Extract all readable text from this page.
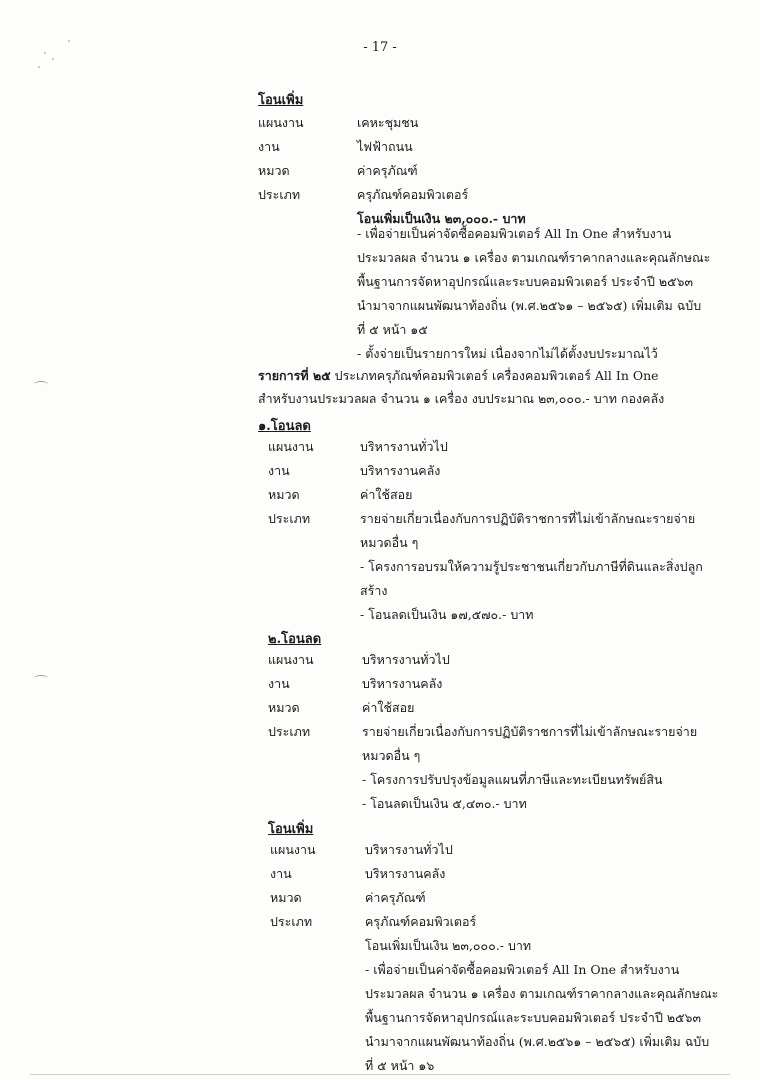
- 17 -
โอนเพิ่ม
แผนงาน	เคหะชุมชน
งาน	ไฟฟ้าถนน
หมวด	ค่าครุภัณฑ์
ประเภท	ครุภัณฑ์คอมพิวเตอร์
โอนเพิ่มเป็นเงิน ๒๓,๐๐๐.- บาท
- เพื่อจ่ายเป็นค่าจัดซื้อคอมพิวเตอร์ All In One สำหรับงาน
ประมวลผล จำนวน ๑ เครื่อง ตามเกณฑ์ราคากลางและคุณลักษณะ
พื้นฐานการจัดหาอุปกรณ์และระบบคอมพิวเตอร์ ประจำปี ๒๕๖๓
นำมาจากแผนพัฒนาท้องถิ่น (พ.ศ.๒๕๖๑ – ๒๕๖๕) เพิ่มเติม ฉบับ
ที่ ๕ หน้า ๑๕
- ตั้งจ่ายเป็นรายการใหม่ เนื่องจากไม่ได้ตั้งงบประมาณไว้
รายการที่ ๒๕ ประเภทครุภัณฑ์คอมพิวเตอร์ เครื่องคอมพิวเตอร์ All In One
สำหรับงานประมวลผล จำนวน ๑ เครื่อง งบประมาณ ๒๓,๐๐๐.- บาท กองคลัง
๑.โอนลด
แผนงาน	บริหารงานทั่วไป
งาน	บริหารงานคลัง
หมวด	ค่าใช้สอย
ประเภท	รายจ่ายเกี่ยวเนื่องกับการปฏิบัติราชการที่ไม่เข้าลักษณะรายจ่าย
หมวดอื่น ๆ
- โครงการอบรมให้ความรู้ประชาชนเกี่ยวกับภาษีที่ดินและสิ่งปลูก
สร้าง
- โอนลดเป็นเงิน ๑๗,๕๗๐.- บาท
๒.โอนลด
แผนงาน	บริหารงานทั่วไป
งาน	บริหารงานคลัง
หมวด	ค่าใช้สอย
ประเภท	รายจ่ายเกี่ยวเนื่องกับการปฏิบัติราชการที่ไม่เข้าลักษณะรายจ่าย
หมวดอื่น ๆ
- โครงการปรับปรุงข้อมูลแผนที่ภาษีและทะเบียนทรัพย์สิน
- โอนลดเป็นเงิน ๕,๔๓๐.- บาท
โอนเพิ่ม
แผนงาน	บริหารงานทั่วไป
งาน	บริหารงานคลัง
หมวด	ค่าครุภัณฑ์
ประเภท	ครุภัณฑ์คอมพิวเตอร์
โอนเพิ่มเป็นเงิน ๒๓,๐๐๐.- บาท
- เพื่อจ่ายเป็นค่าจัดซื้อคอมพิวเตอร์ All In One สำหรับงาน
ประมวลผล จำนวน ๑ เครื่อง ตามเกณฑ์ราคากลางและคุณลักษณะ
พื้นฐานการจัดหาอุปกรณ์และระบบคอมพิวเตอร์ ประจำปี ๒๕๖๓
นำมาจากแผนพัฒนาท้องถิ่น (พ.ศ.๒๕๖๑ – ๒๕๖๕) เพิ่มเติม ฉบับ
ที่ ๕ หน้า ๑๖
